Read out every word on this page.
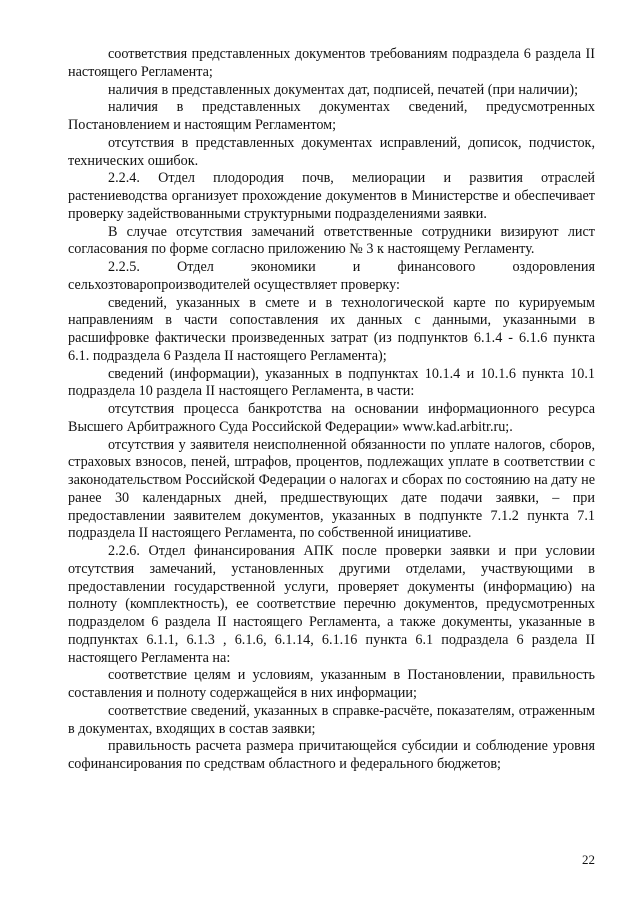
соответствия представленных документов требованиям подраздела 6 раздела II настоящего Регламента;

наличия в представленных документах дат, подписей, печатей (при наличии);

наличия в представленных документах сведений, предусмотренных Постановлением и настоящим Регламентом;

отсутствия в представленных документах исправлений, дописок, подчисток, технических ошибок.

2.2.4. Отдел плодородия почв, мелиорации и развития отраслей растениеводства организует прохождение документов в Министерстве и обеспечивает проверку задействованными структурными подразделениями заявки.

В случае отсутствия замечаний ответственные сотрудники визируют лист согласования по форме согласно приложению № 3 к настоящему Регламенту.

2.2.5. Отдел экономики и финансового оздоровления сельхозтоваропроизводителей осуществляет проверку:

сведений, указанных в смете и в технологической карте по курируемым направлениям в части сопоставления их данных с данными, указанными в расшифровке фактически произведенных затрат (из подпунктов 6.1.4 - 6.1.6 пункта 6.1. подраздела 6 Раздела II настоящего Регламента);

сведений (информации), указанных в подпунктах 10.1.4 и 10.1.6 пункта 10.1 подраздела 10 раздела II настоящего Регламента, в части:

отсутствия процесса банкротства на основании информационного ресурса Высшего Арбитражного Суда Российской Федерации» www.kad.arbitr.ru;.

отсутствия у заявителя неисполненной обязанности по уплате налогов, сборов, страховых взносов, пеней, штрафов, процентов, подлежащих уплате в соответствии с законодательством Российской Федерации о налогах и сборах по состоянию на дату не ранее 30 календарных дней, предшествующих дате подачи заявки, – при предоставлении заявителем документов, указанных в подпункте 7.1.2 пункта 7.1 подраздела II настоящего Регламента, по собственной инициативе.

2.2.6. Отдел финансирования АПК после проверки заявки и при условии отсутствия замечаний, установленных другими отделами, участвующими в предоставлении государственной услуги, проверяет документы (информацию) на полноту (комплектность), ее соответствие перечню документов, предусмотренных подразделом 6 раздела II настоящего Регламента, а также документы, указанные в подпунктах 6.1.1, 6.1.3 , 6.1.6, 6.1.14, 6.1.16 пункта 6.1 подраздела 6 раздела II настоящего Регламента на:

соответствие целям и условиям, указанным в Постановлении, правильность составления и полноту содержащейся в них информации;

соответствие сведений, указанных в справке-расчёте, показателям, отраженным в документах, входящих в состав заявки;

правильность расчета размера причитающейся субсидии и соблюдение уровня софинансирования по средствам областного и федерального бюджетов;

22
